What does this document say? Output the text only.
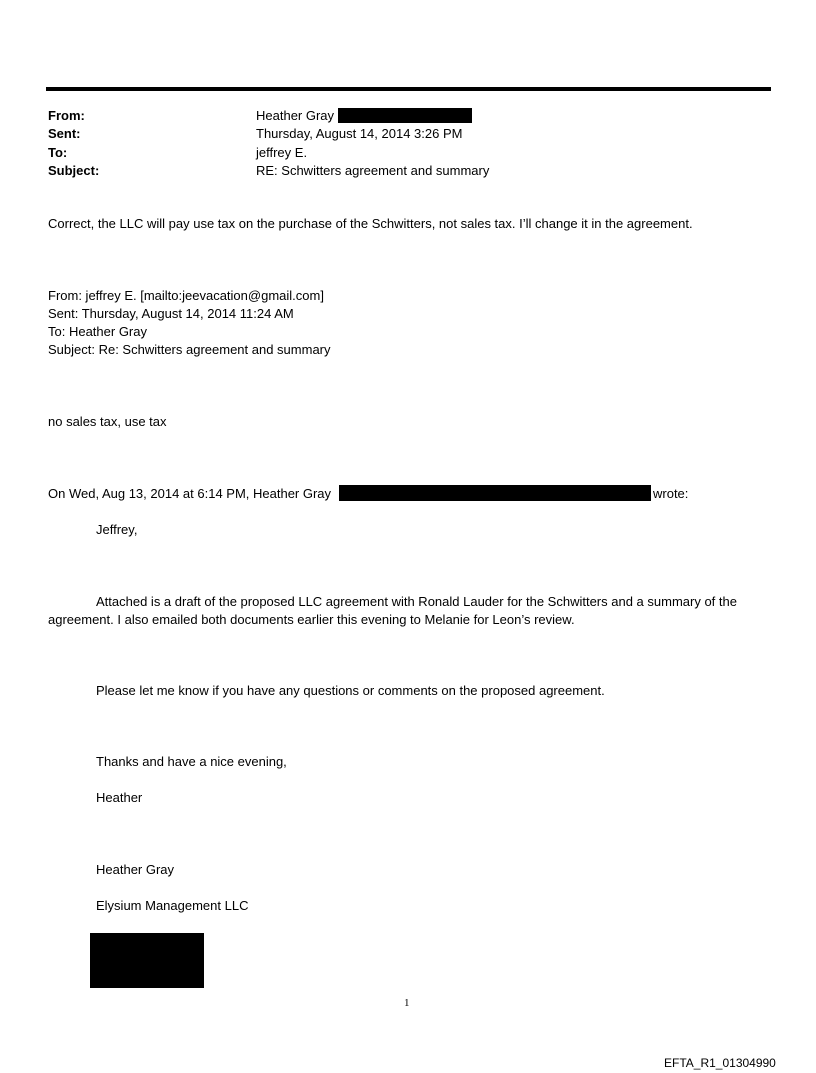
From:	Heather Gray
Sent:	Thursday, August 14, 2014 3:26 PM
To:	jeffrey E.
Subject:	RE: Schwitters agreement and summary
Correct, the LLC will pay use tax on the purchase of the Schwitters, not sales tax. I’ll change it in the agreement.
From: jeffrey E. [mailto:jeevacation@gmail.com]
Sent: Thursday, August 14, 2014 11:24 AM
To: Heather Gray
Subject: Re: Schwitters agreement and summary
no sales tax, use tax
On Wed, Aug 13, 2014 at 6:14 PM, Heather Gray	wrote:
Jeffrey,
Attached is a draft of the proposed LLC agreement with Ronald Lauder for the Schwitters and a summary of the
agreement. I also emailed both documents earlier this evening to Melanie for Leon’s review.
Please let me know if you have any questions or comments on the proposed agreement.
Thanks and have a nice evening,
Heather
Heather Gray
Elysium Management LLC
1
EFTA_R1_01304990
